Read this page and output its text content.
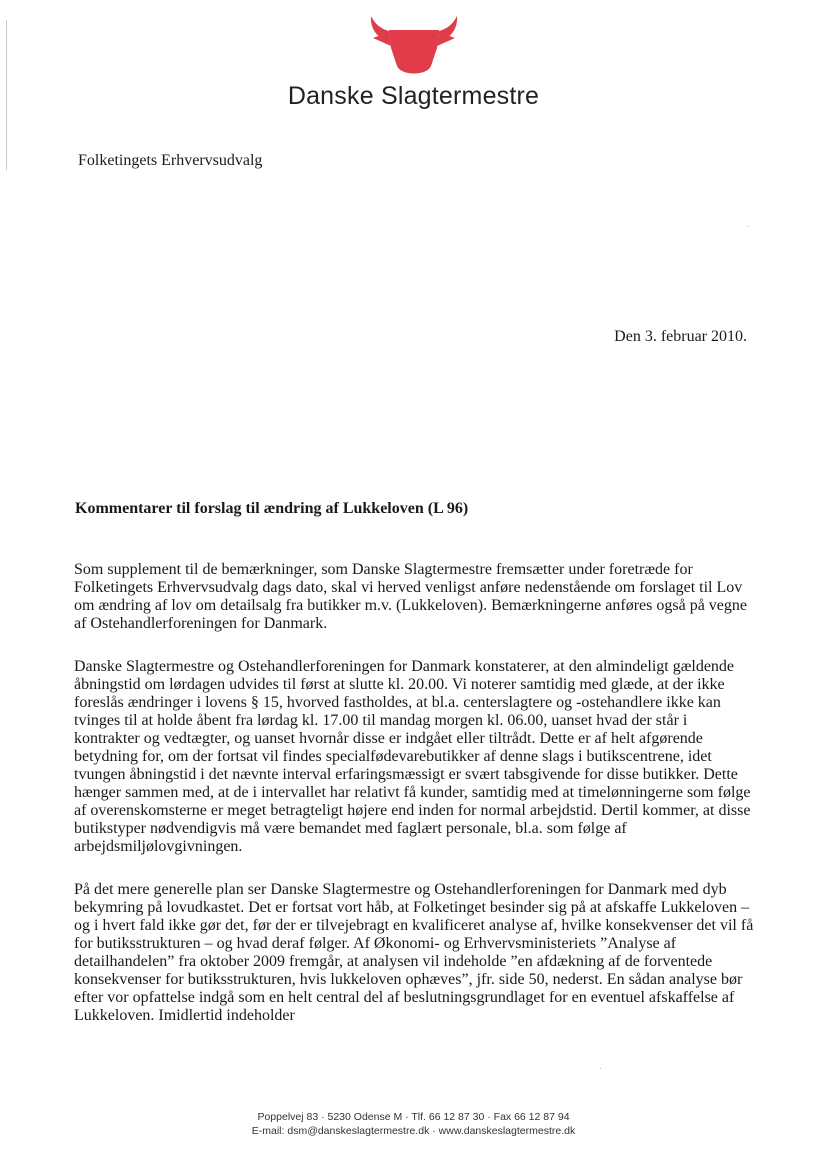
Danske Slagtermestre
Folketingets Erhvervsudvalg
Den 3. februar 2010.
Kommentarer til forslag til ændring af Lukkeloven (L 96)

Som supplement til de bemærkninger, som Danske Slagtermestre fremsætter under foretræde for Folketingets Erhvervsudvalg dags dato, skal vi herved venligst anføre nedenstående om forslaget til Lov om ændring af lov om detailsalg fra butikker m.v. (Lukkeloven). Bemærkningerne anføres også på vegne af Ostehandlerforeningen for Danmark.

Danske Slagtermestre og Ostehandlerforeningen for Danmark konstaterer, at den almindeligt gældende åbningstid om lørdagen udvides til først at slutte kl. 20.00. Vi noterer samtidig med glæde, at der ikke foreslås ændringer i lovens § 15, hvorved fastholdes, at bl.a. centerslagtere og -ostehandlere ikke kan tvinges til at holde åbent fra lørdag kl. 17.00 til mandag morgen kl. 06.00, uanset hvad der står i kontrakter og vedtægter, og uanset hvornår disse er indgået eller tiltrådt. Dette er af helt afgørende betydning for, om der fortsat vil findes specialfødevarebutikker af denne slags i butikscentrene, idet tvungen åbningstid i det nævnte interval erfaringsmæssigt er svært tabsgivende for disse butikker. Dette hænger sammen med, at de i intervallet har relativt få kunder, samtidig med at timelønningerne som følge af overenskomsterne er meget betragteligt højere end inden for normal arbejdstid. Dertil kommer, at disse butikstyper nødvendigvis må være bemandet med faglært personale, bl.a. som følge af arbejdsmiljølovgivningen.

På det mere generelle plan ser Danske Slagtermestre og Ostehandlerforeningen for Danmark med dyb bekymring på lovudkastet. Det er fortsat vort håb, at Folketinget besinder sig på at afskaffe Lukkeloven – og i hvert fald ikke gør det, før der er tilvejebragt en kvalificeret analyse af, hvilke konsekvenser det vil få for butiksstrukturen – og hvad deraf følger. Af Økonomi- og Erhvervsministeriets ”Analyse af detailhandelen” fra oktober 2009 fremgår, at analysen vil indeholde ”en afdækning af de forventede konsekvenser for butiksstrukturen, hvis lukkeloven ophæves”, jfr. side 50, nederst. En sådan analyse bør efter vor opfattelse indgå som en helt central del af beslutningsgrundlaget for en eventuel afskaffelse af Lukkeloven. Imidlertid indeholder

Poppelvej 83 · 5230 Odense M · Tlf. 66 12 87 30 · Fax 66 12 87 94
E-mail: dsm@danskeslagtermestre.dk · www.danskeslagtermestre.dk
